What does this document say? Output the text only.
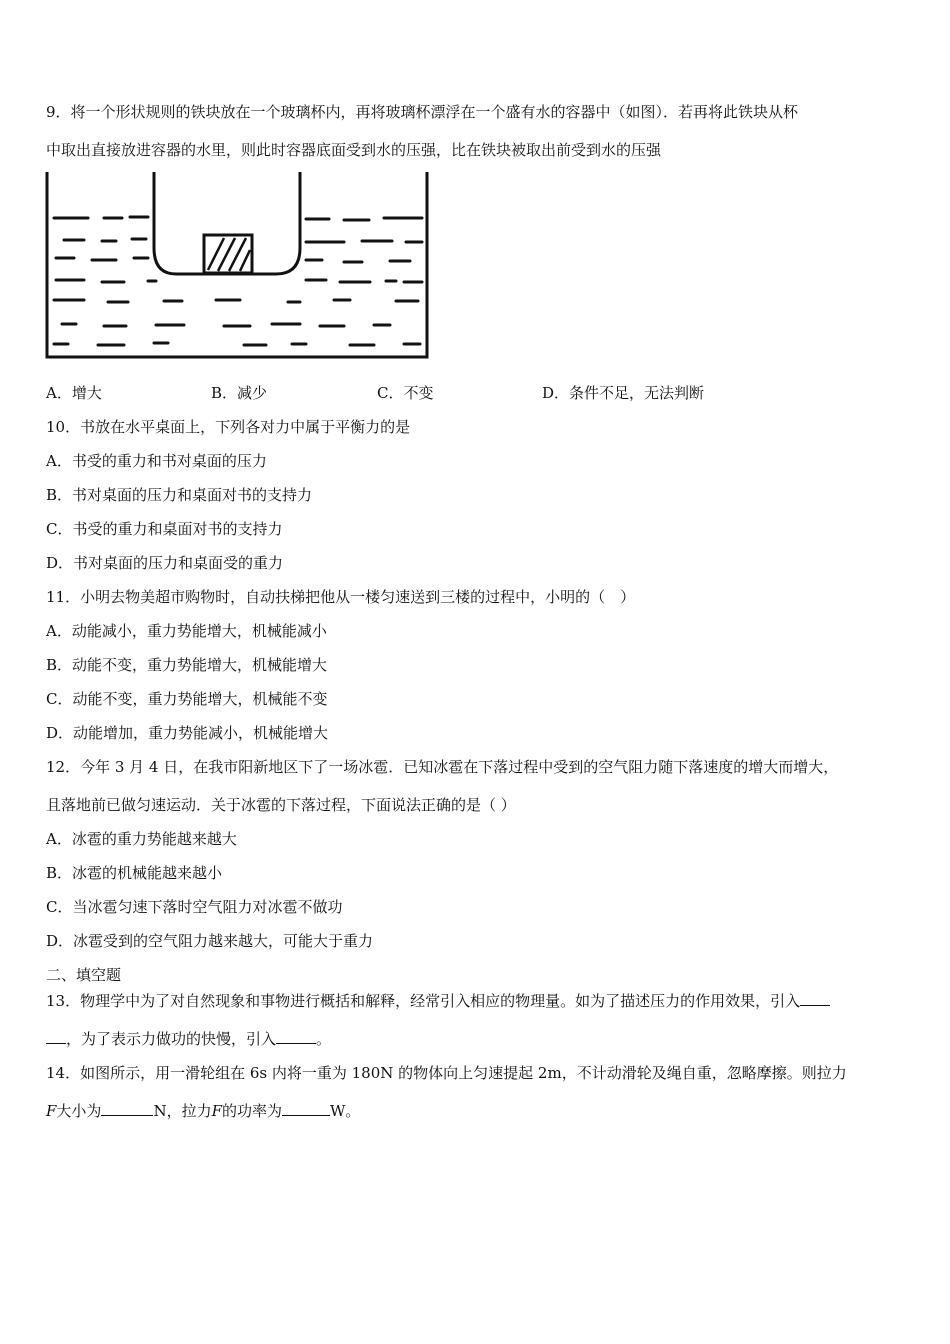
9．将一个形状规则的铁块放在一个玻璃杯内，再将玻璃杯漂浮在一个盛有水的容器中（如图）．若再将此铁块从杯
中取出直接放进容器的水里，则此时容器底面受到水的压强，比在铁块被取出前受到水的压强
A．增大	B．减少	C．不变	D．条件不足，无法判断
10．书放在水平桌面上，下列各对力中属于平衡力的是
A．书受的重力和书对桌面的压力
B．书对桌面的压力和桌面对书的支持力
C．书受的重力和桌面对书的支持力
D．书对桌面的压力和桌面受的重力
11．小明去物美超市购物时，自动扶梯把他从一楼匀速送到三楼的过程中，小明的（　）
A．动能减小，重力势能增大，机械能减小
B．动能不变，重力势能增大，机械能增大
C．动能不变，重力势能增大，机械能不变
D．动能增加，重力势能减小，机械能增大
12．今年 3 月 4 日，在我市阳新地区下了一场冰雹．已知冰雹在下落过程中受到的空气阻力随下落速度的增大而增大，
且落地前已做匀速运动．关于冰雹的下落过程，下面说法正确的是（ ）
A．冰雹的重力势能越来越大
B．冰雹的机械能越来越小
C．当冰雹匀速下落时空气阻力对冰雹不做功
D．冰雹受到的空气阻力越来越大，可能大于重力
二、填空题
13．物理学中为了对自然现象和事物进行概括和解释，经常引入相应的物理量。如为了描述压力的作用效果，引入
，为了表示力做功的快慢，引入	。
14．如图所示，用一滑轮组在 6s 内将一重为 180N 的物体向上匀速提起 2m，不计动滑轮及绳自重，忽略摩擦。则拉力
F大小为	N，拉力F的功率为	W。
